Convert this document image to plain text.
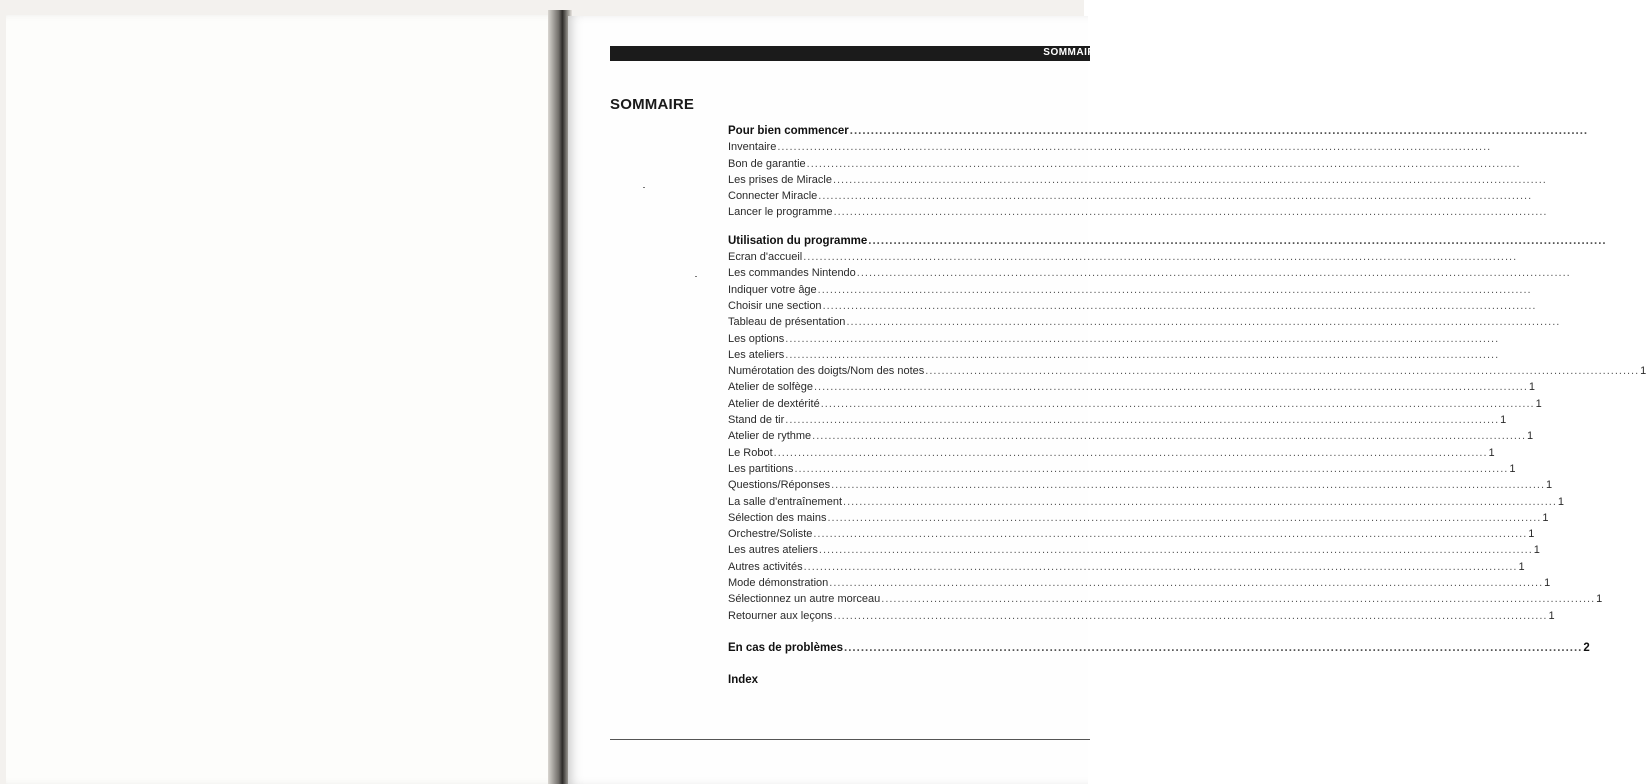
SOMMAIF
SOMMAIRE
Pour bien commencer
.....
Inventaire
.....
Bon de garantie
.....
Les prises de Miracle
.....
Connecter Miracle
.....
Lancer le programme
.....
Utilisation du programme
.....
Ecran d'accueil
.....
Les commandes Nintendo
.....
Indiquer votre âge
.....
Choisir une section
.....
Tableau de présentation
.....
Les options
.....
Les ateliers
.....
Numérotation des doigts/Nom des notes .....	1
Atelier de solfège .....	1
Atelier de dextérité .....	1
Stand de tir .....	1
Atelier de rythme .....	1
Le Robot .....	1
Les partitions .....	1
Questions/Réponses .....	1
La salle d'entraînement .....	1
Sélection des mains .....	1
Orchestre/Soliste .....	1
Les autres ateliers .....	1
Autres activités .....	1
Mode démonstration .....	1
Sélectionnez un autre morceau .....	1
Retourner aux leçons .....	1
En cas de problèmes .....	2
Index
